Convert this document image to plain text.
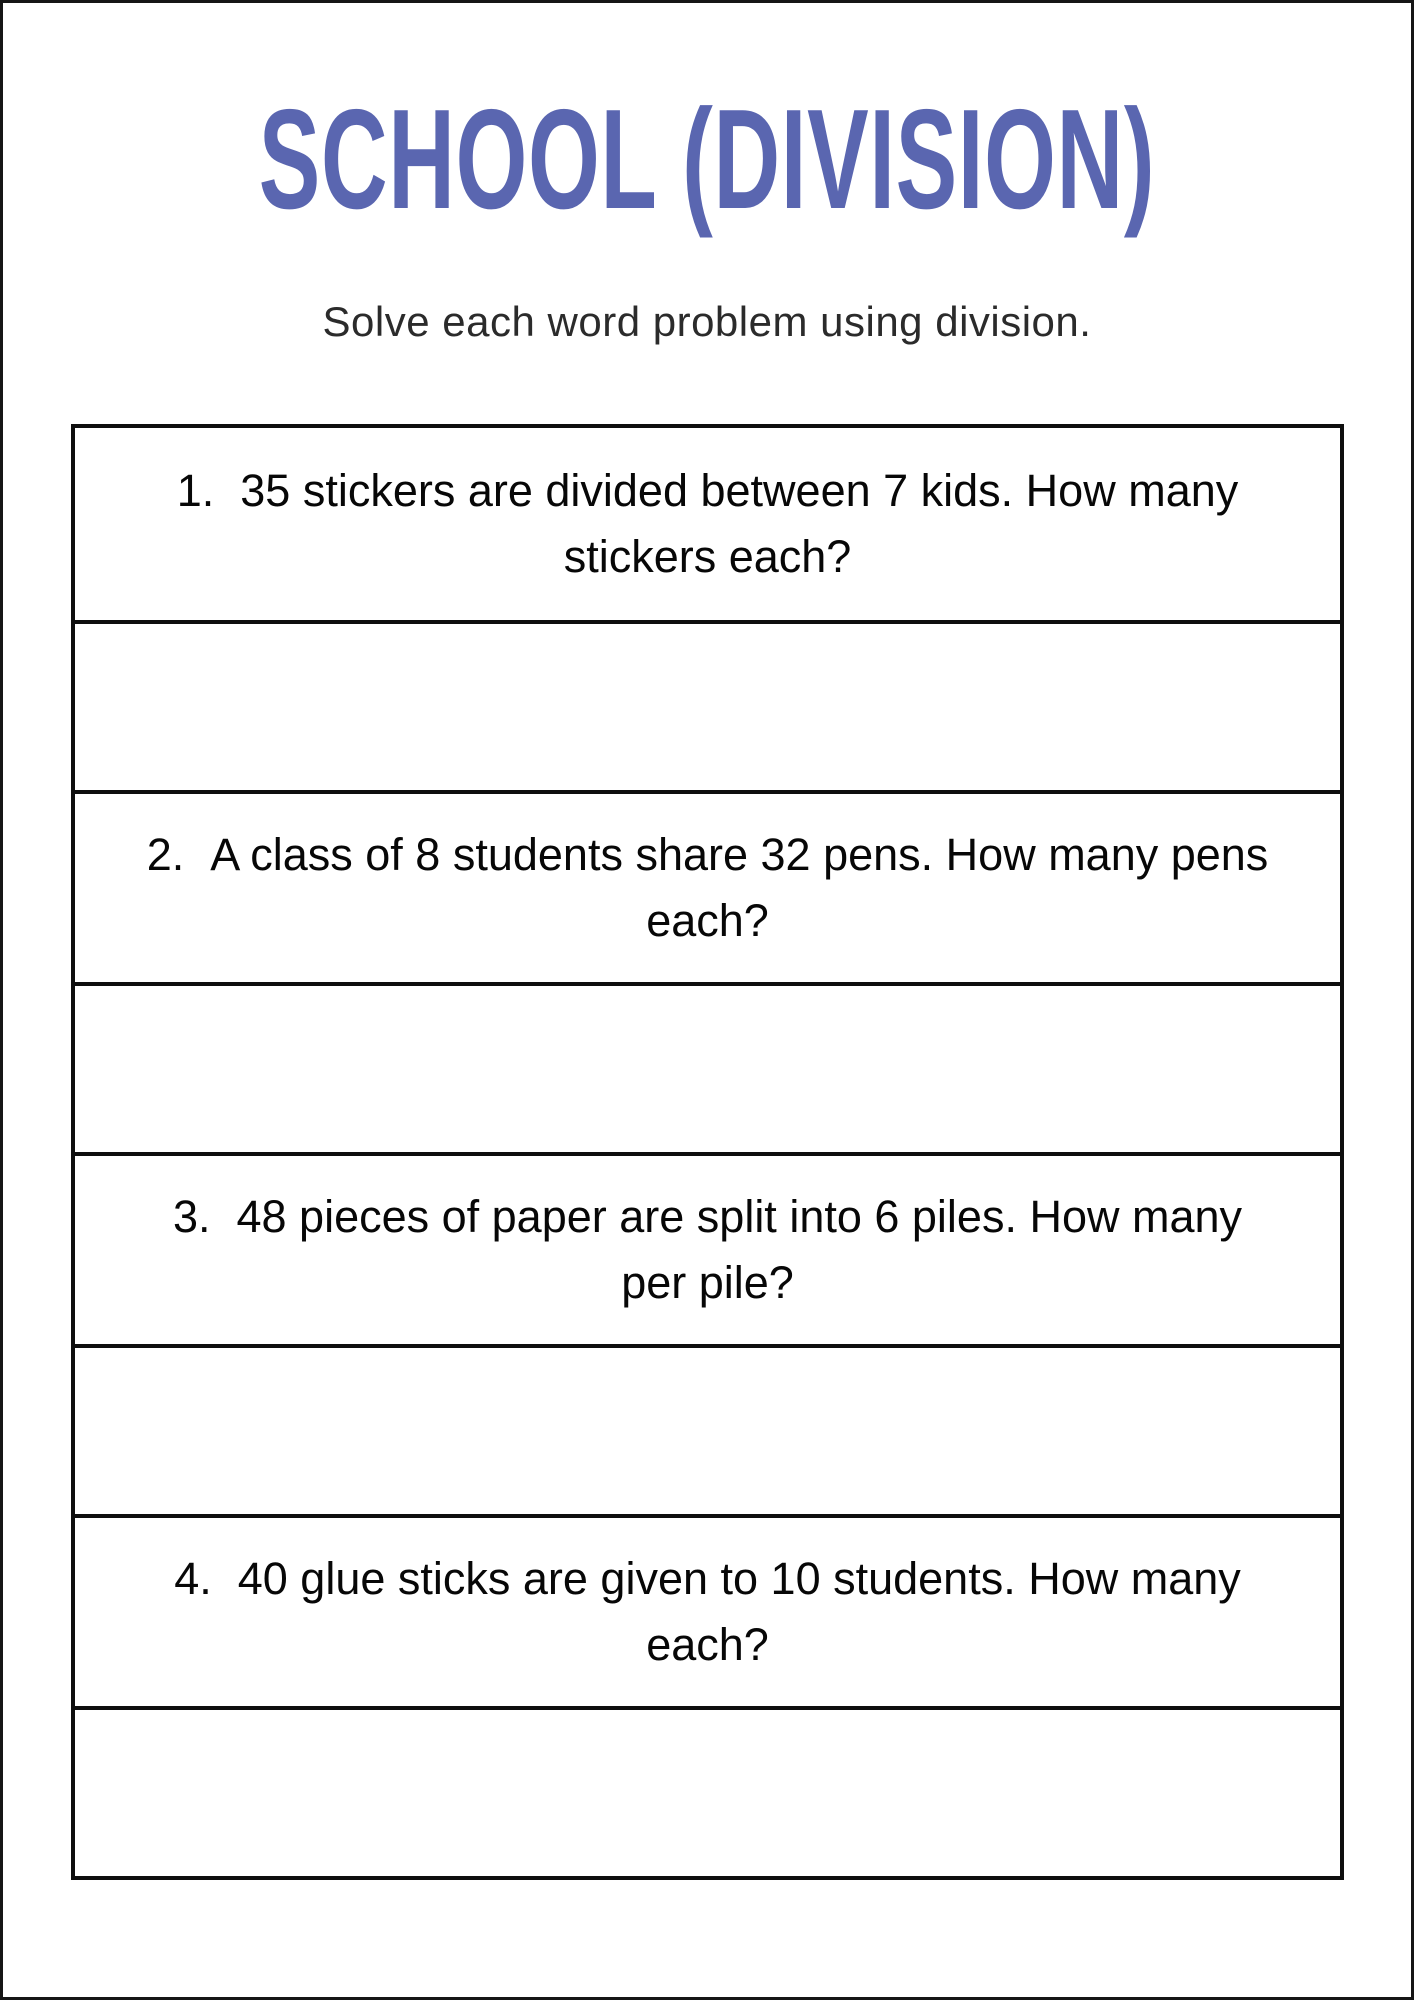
SCHOOL (DIVISION)
Solve each word problem using division.
1. 35 stickers are divided between 7 kids. How many
stickers each?
2. A class of 8 students share 32 pens. How many pens
each?
3. 48 pieces of paper are split into 6 piles. How many
per pile?
4. 40 glue sticks are given to 10 students. How many
each?
